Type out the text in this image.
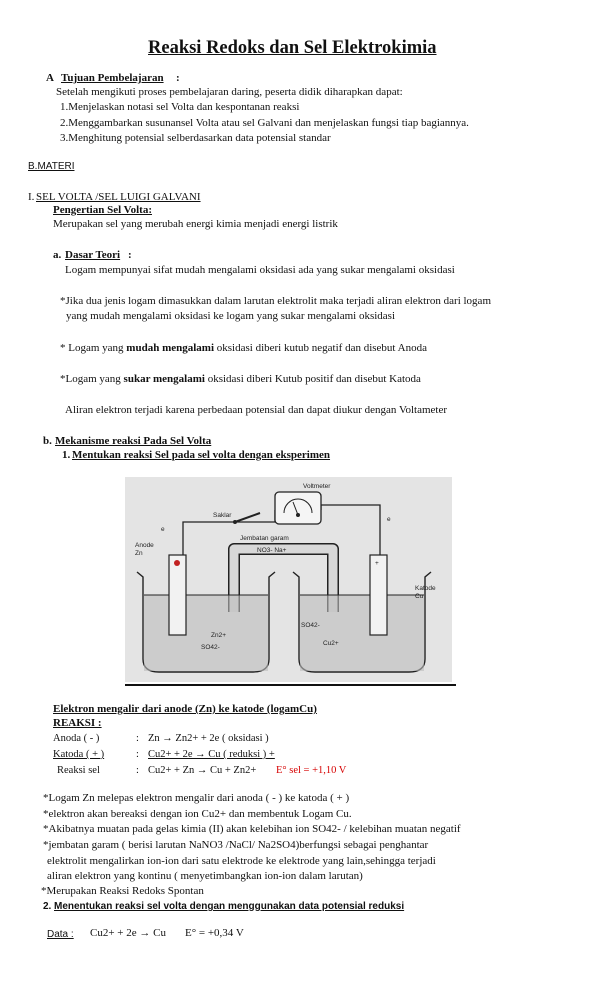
Reaksi Redoks dan Sel Elektrokimia
A Tujuan Pembelajaran :
Setelah mengikuti proses pembelajaran daring, peserta didik diharapkan dapat:
1.Menjelaskan notasi sel Volta dan kespontanan reaksi
2.Menggambarkan susunansel Volta atau sel Galvani dan menjelaskan fungsi tiap bagiannya.
3.Menghitung potensial selberdasarkan data potensial standar
B.MATERI
I. SEL VOLTA /SEL LUIGI GALVANI
Pengertian Sel Volta:
Merupakan sel yang merubah energi kimia menjadi energi listrik
a. Dasar Teori :
Logam mempunyai sifat mudah mengalami oksidasi ada yang sukar mengalami oksidasi
*Jika dua jenis logam dimasukkan dalam larutan elektrolit maka terjadi aliran elektron dari logam
yang mudah mengalami oksidasi ke logam yang sukar mengalami oksidasi
* Logam yang mudah mengalami oksidasi diberi kutub negatif dan disebut Anoda
*Logam yang sukar mengalami oksidasi diberi Kutub positif dan disebut Katoda
Aliran elektron terjadi karena perbedaan potensial dan dapat diukur dengan Voltameter
b. Mekanisme reaksi Pada Sel Volta
1. Mentukan reaksi Sel pada sel volta dengan eksperimen
+
Voltmeter
Saklar
Jembatan garam
NO3- Na+
Anode
Zn
Katode
Cu
Zn2+
SO42-
SO42-
Cu2+
e
e
Elektron mengalir dari anode (Zn) ke katode (logamCu)
REAKSI :
Anoda ( - )	: Zn → Zn2+ + 2e ( oksidasi )
Katoda ( + )	: Cu2+ + 2e → Cu ( reduksi ) +
Reaksi sel	: Cu2+ + Zn → Cu + Zn2+ E° sel = +1,10 V
*Logam Zn melepas elektron mengalir dari anoda ( - ) ke katoda ( + )
*elektron akan bereaksi dengan ion Cu2+ dan membentuk Logam Cu.
*Akibatnya muatan pada gelas kimia (II) akan kelebihan ion SO42- / kelebihan muatan negatif
*jembatan garam ( berisi larutan NaNO3 /NaCl/ Na2SO4)berfungsi sebagai penghantar
elektrolit mengalirkan ion-ion dari satu elektrode ke elektrode yang lain,sehingga terjadi
aliran elektron yang kontinu ( menyetimbangkan ion-ion dalam larutan)
*Merupakan Reaksi Redoks Spontan
2. Menentukan reaksi sel volta dengan menggunakan data potensial reduksi
Data : Cu2+ + 2e → Cu E° = +0,34 V
